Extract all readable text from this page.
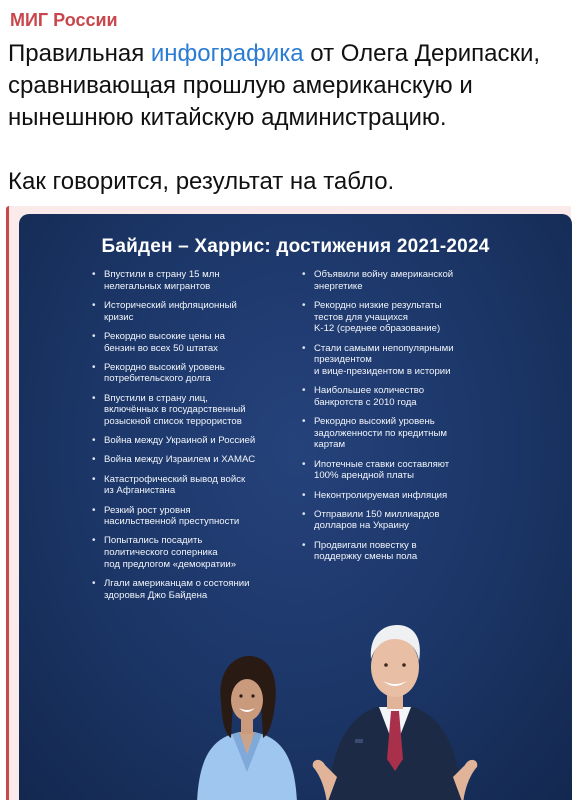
МИГ России
Правильная инфографика от Олега Дерипаски, сравнивающая прошлую американскую и нынешнюю китайскую администрацию.
Как говорится, результат на табло.
Байден – Харрис: достижения 2021-2024
• Впустили в страну 15 млн
нелегальных мигрантов
• Исторический инфляционный
кризис
• Рекордно высокие цены на
бензин во всех 50 штатах
• Рекордно высокий уровень
потребительского долга
• Впустили в страну лиц,
включённых в государственный
розыскной список террористов
• Война между Украиной и Россией
• Война между Израилем и ХАМАС
• Катастрофический вывод войск
из Афганистана
• Резкий рост уровня
насильственной преступности
• Попытались посадить
политического соперника
под предлогом «демократии»
• Лгали американцам о состоянии
здоровья Джо Байдена
• Объявили войну американской
энергетике
• Рекордно низкие результаты
тестов для учащихся
K-12 (среднее образование)
• Стали самыми непопулярными
президентом
и вице-президентом в истории
• Наибольшее количество
банкротств с 2010 года
• Рекордно высокий уровень
задолженности по кредитным
картам
• Ипотечные ставки составляют
100% арендной платы
• Неконтролируемая инфляция
• Отправили 150 миллиардов
долларов на Украину
• Продвигали повестку в
поддержку смены пола
